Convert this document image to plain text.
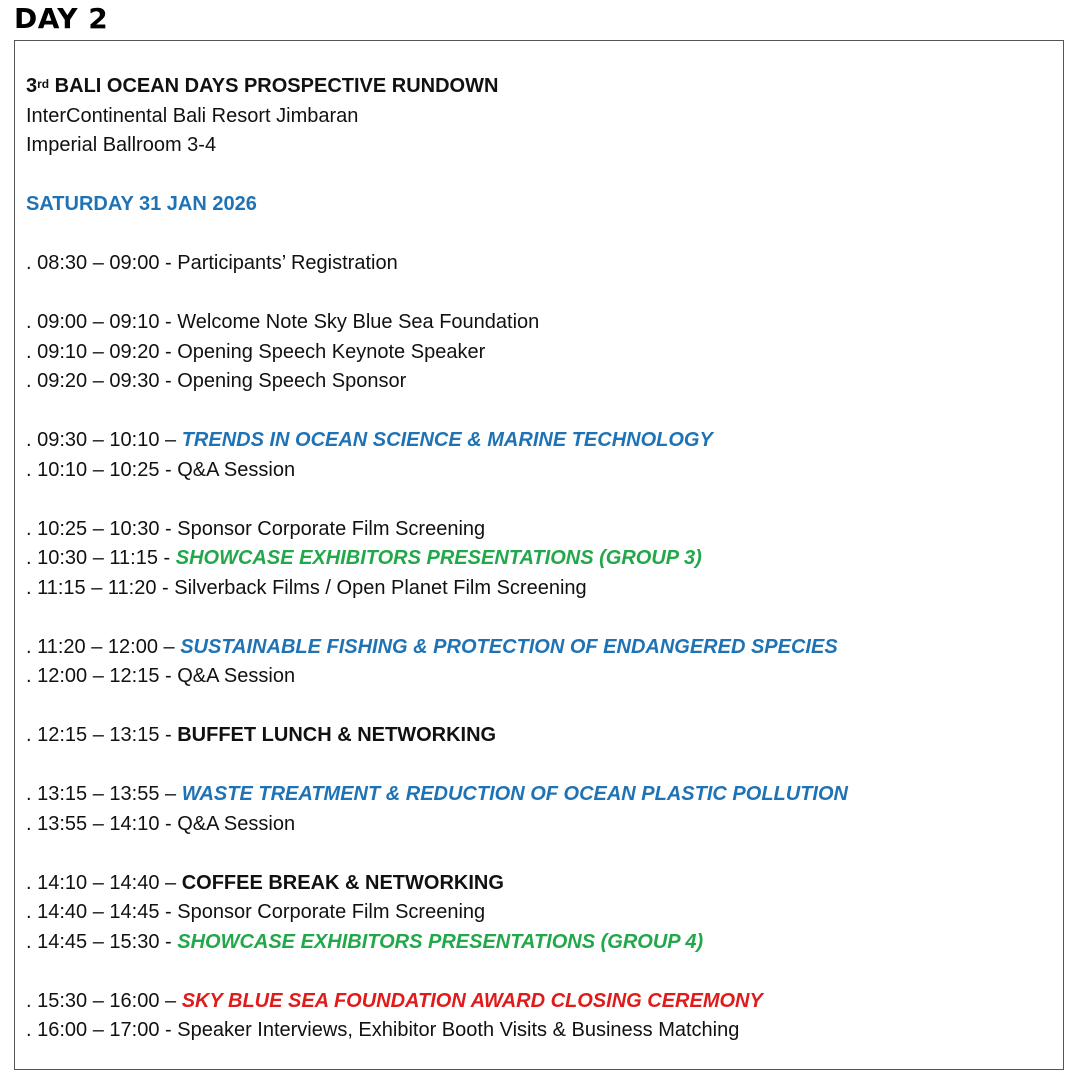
DAY 2
3rd BALI OCEAN DAYS PROSPECTIVE RUNDOWN
InterContinental Bali Resort Jimbaran
Imperial Ballroom 3-4
SATURDAY 31 JAN 2026
. 08:30 – 09:00 - Participants’ Registration
. 09:00 – 09:10 - Welcome Note Sky Blue Sea Foundation
. 09:10 – 09:20 - Opening Speech Keynote Speaker
. 09:20 – 09:30 - Opening Speech Sponsor
. 09:30 – 10:10 – TRENDS IN OCEAN SCIENCE & MARINE TECHNOLOGY
. 10:10 – 10:25 - Q&A Session
. 10:25 – 10:30 - Sponsor Corporate Film Screening
. 10:30 – 11:15 - SHOWCASE EXHIBITORS PRESENTATIONS (GROUP 3)
. 11:15 – 11:20 - Silverback Films / Open Planet Film Screening
. 11:20 – 12:00 – SUSTAINABLE FISHING & PROTECTION OF ENDANGERED SPECIES
. 12:00 – 12:15 - Q&A Session
. 12:15 – 13:15 - BUFFET LUNCH & NETWORKING
. 13:15 – 13:55 – WASTE TREATMENT & REDUCTION OF OCEAN PLASTIC POLLUTION
. 13:55 – 14:10 - Q&A Session
. 14:10 – 14:40 – COFFEE BREAK & NETWORKING
. 14:40 – 14:45 - Sponsor Corporate Film Screening
. 14:45 – 15:30 - SHOWCASE EXHIBITORS PRESENTATIONS (GROUP 4)
. 15:30 – 16:00 – SKY BLUE SEA FOUNDATION AWARD CLOSING CEREMONY
. 16:00 – 17:00 - Speaker Interviews, Exhibitor Booth Visits & Business Matching
